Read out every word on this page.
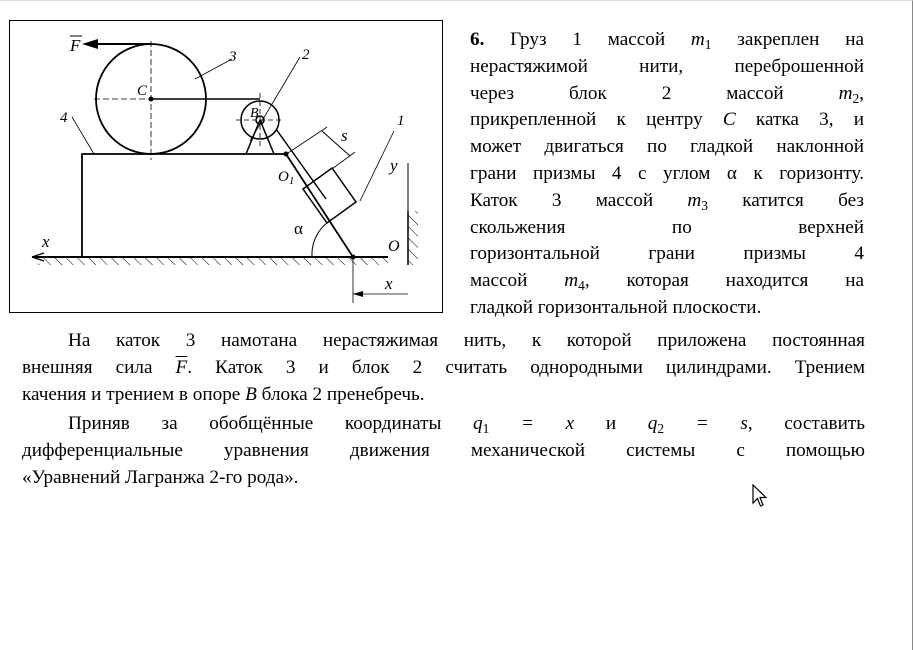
F
C
3	2
4	B
s
1
y
$O_1$
α
x	O
x
6. Груз 1 массой $m_1$ закреплен на
нерастяжимой нити, переброшенной
через блок 2 массой $m_2$,
прикрепленной к центру C катка 3, и
может двигаться по гладкой наклонной
грани призмы 4 с углом α к горизонту.
Каток 3 массой $m_3$ катится без
скольжения по верхней
горизонтальной грани призмы 4
массой $m_4$, которая находится на
гладкой горизонтальной плоскости.
На каток 3 намотана нерастяжимая нить, к которой приложена постоянная
внешняя сила $\overline{F}$. Каток 3 и блок 2 считать однородными цилиндрами. Трением
качения и трением в опоре B блока 2 пренебречь.
Приняв за обобщённые координаты $q_1 = x$ и $q_2 = s$, составить
дифференциальные уравнения движения механической системы с помощью
«Уравнений Лагранжа 2-го рода».
